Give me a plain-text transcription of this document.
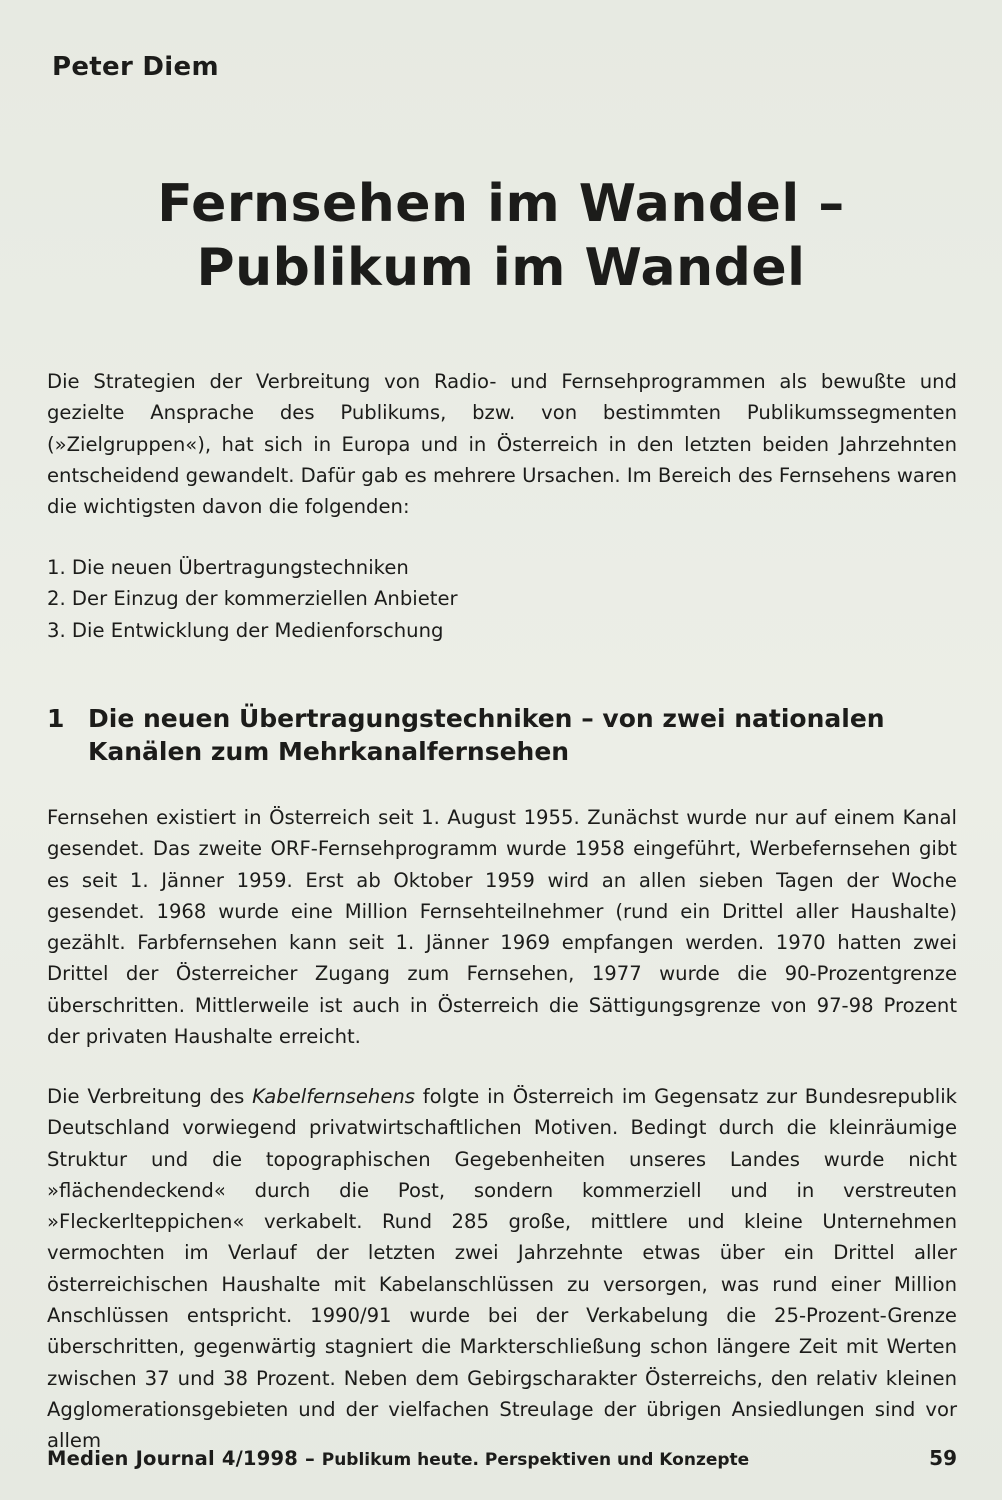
Peter Diem
Fernsehen im Wandel –
Publikum im Wandel

Die Strategien der Verbreitung von Radio- und Fernsehprogrammen als bewußte und gezielte Ansprache des Publikums, bzw. von bestimmten Publikumssegmenten (»Zielgruppen«), hat sich in Europa und in Österreich in den letzten beiden Jahrzehnten entscheidend gewandelt. Dafür gab es mehrere Ursachen. Im Bereich des Fernsehens waren die wichtigsten davon die folgenden:

1. Die neuen Übertragungstechniken
2. Der Einzug der kommerziellen Anbieter
3. Die Entwicklung der Medienforschung
1 Die neuen Übertragungstechniken – von zwei nationalen
Kanälen zum Mehrkanalfernsehen

Fernsehen existiert in Österreich seit 1. August 1955. Zunächst wurde nur auf einem Kanal gesendet. Das zweite ORF-Fernsehprogramm wurde 1958 eingeführt, Werbefernsehen gibt es seit 1. Jänner 1959. Erst ab Oktober 1959 wird an allen sieben Tagen der Woche gesendet. 1968 wurde eine Million Fernsehteilnehmer (rund ein Drittel aller Haushalte) gezählt. Farbfernsehen kann seit 1. Jänner 1969 empfangen werden. 1970 hatten zwei Drittel der Österreicher Zugang zum Fernsehen, 1977 wurde die 90-Prozentgrenze überschritten. Mittlerweile ist auch in Österreich die Sättigungsgrenze von 97-98 Prozent der privaten Haushalte erreicht.

Die Verbreitung des Kabelfernsehens folgte in Österreich im Gegensatz zur Bundesrepublik Deutschland vorwiegend privatwirtschaftlichen Motiven. Bedingt durch die kleinräumige Struktur und die topographischen Gegebenheiten unseres Landes wurde nicht »flächendeckend« durch die Post, sondern kommerziell und in verstreuten »Fleckerlteppichen« verkabelt. Rund 285 große, mittlere und kleine Unternehmen vermochten im Verlauf der letzten zwei Jahrzehnte etwas über ein Drittel aller österreichischen Haushalte mit Kabelanschlüssen zu versorgen, was rund einer Million Anschlüssen entspricht. 1990/91 wurde bei der Verkabelung die 25-Prozent-Grenze überschritten, gegenwärtig stagniert die Markterschließung schon längere Zeit mit Werten zwischen 37 und 38 Prozent. Neben dem Gebirgscharakter Österreichs, den relativ kleinen Agglomerationsgebieten und der vielfachen Streulage der übrigen Ansiedlungen sind vor allem

Medien Journal 4/1998 – Publikum heute. Perspektiven und Konzepte	59
